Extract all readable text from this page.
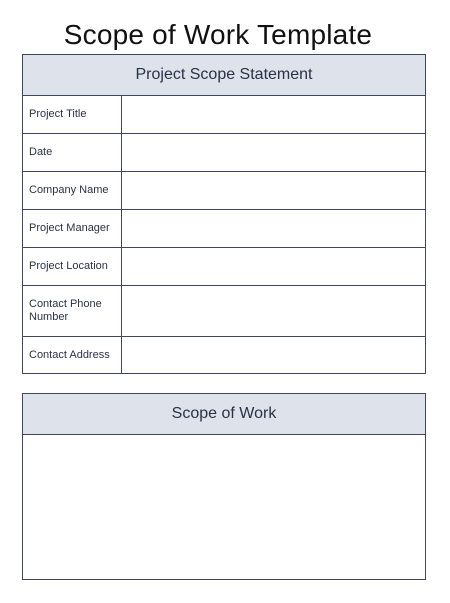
Scope of Work Template
Project Scope Statement
Project Title
Date
Company Name
Project Manager
Project Location
Contact Phone Number
Contact Address
Scope of Work
